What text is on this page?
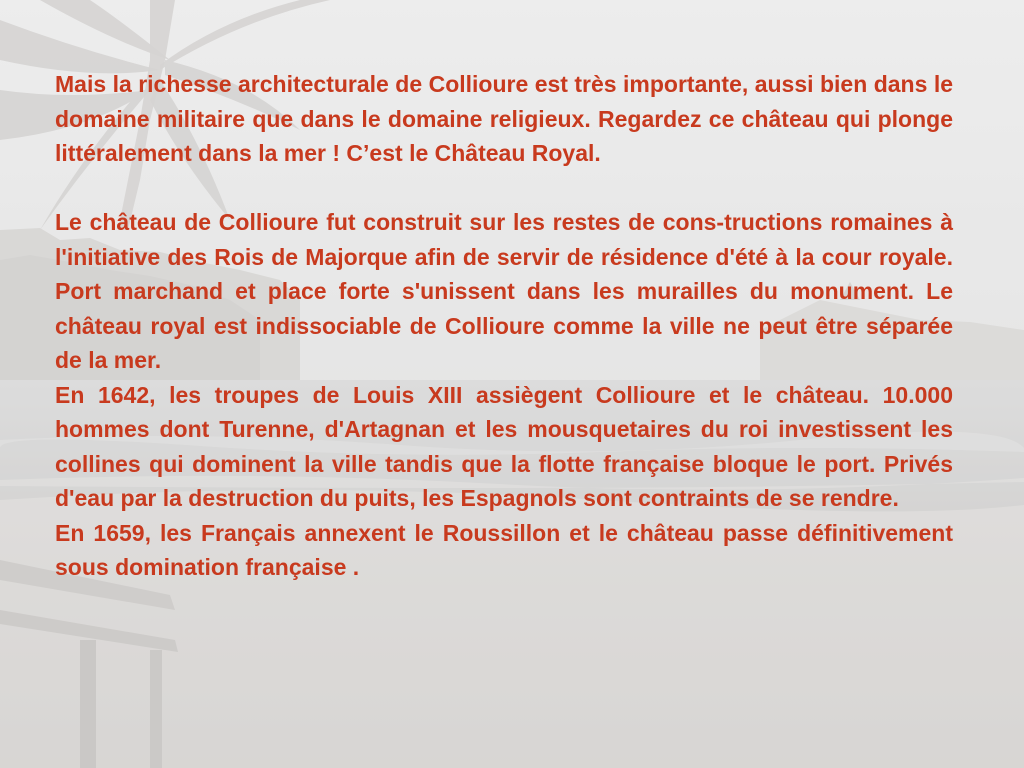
Mais la richesse architecturale de Collioure est très importante, aussi bien dans le domaine militaire que dans le domaine religieux. Regardez ce château qui plonge littéralement dans la mer ! C’est le Château Royal.

Le château de Collioure fut construit sur les restes de cons-tructions romaines à l'initiative des Rois de Majorque afin de servir de résidence d'été à la cour royale. Port marchand et place forte s'unissent dans les murailles du monument. Le château royal est indissociable de Collioure comme la ville ne peut être séparée de la mer.

En 1642, les troupes de Louis XIII assiègent Collioure et le château. 10.000 hommes dont Turenne, d'Artagnan et les mousquetaires du roi investissent les collines qui dominent la ville tandis que la flotte française bloque le port. Privés d'eau par la destruction du puits, les Espagnols sont contraints de se rendre.

En 1659, les Français annexent le Roussillon et le château passe définitivement sous domination française .
